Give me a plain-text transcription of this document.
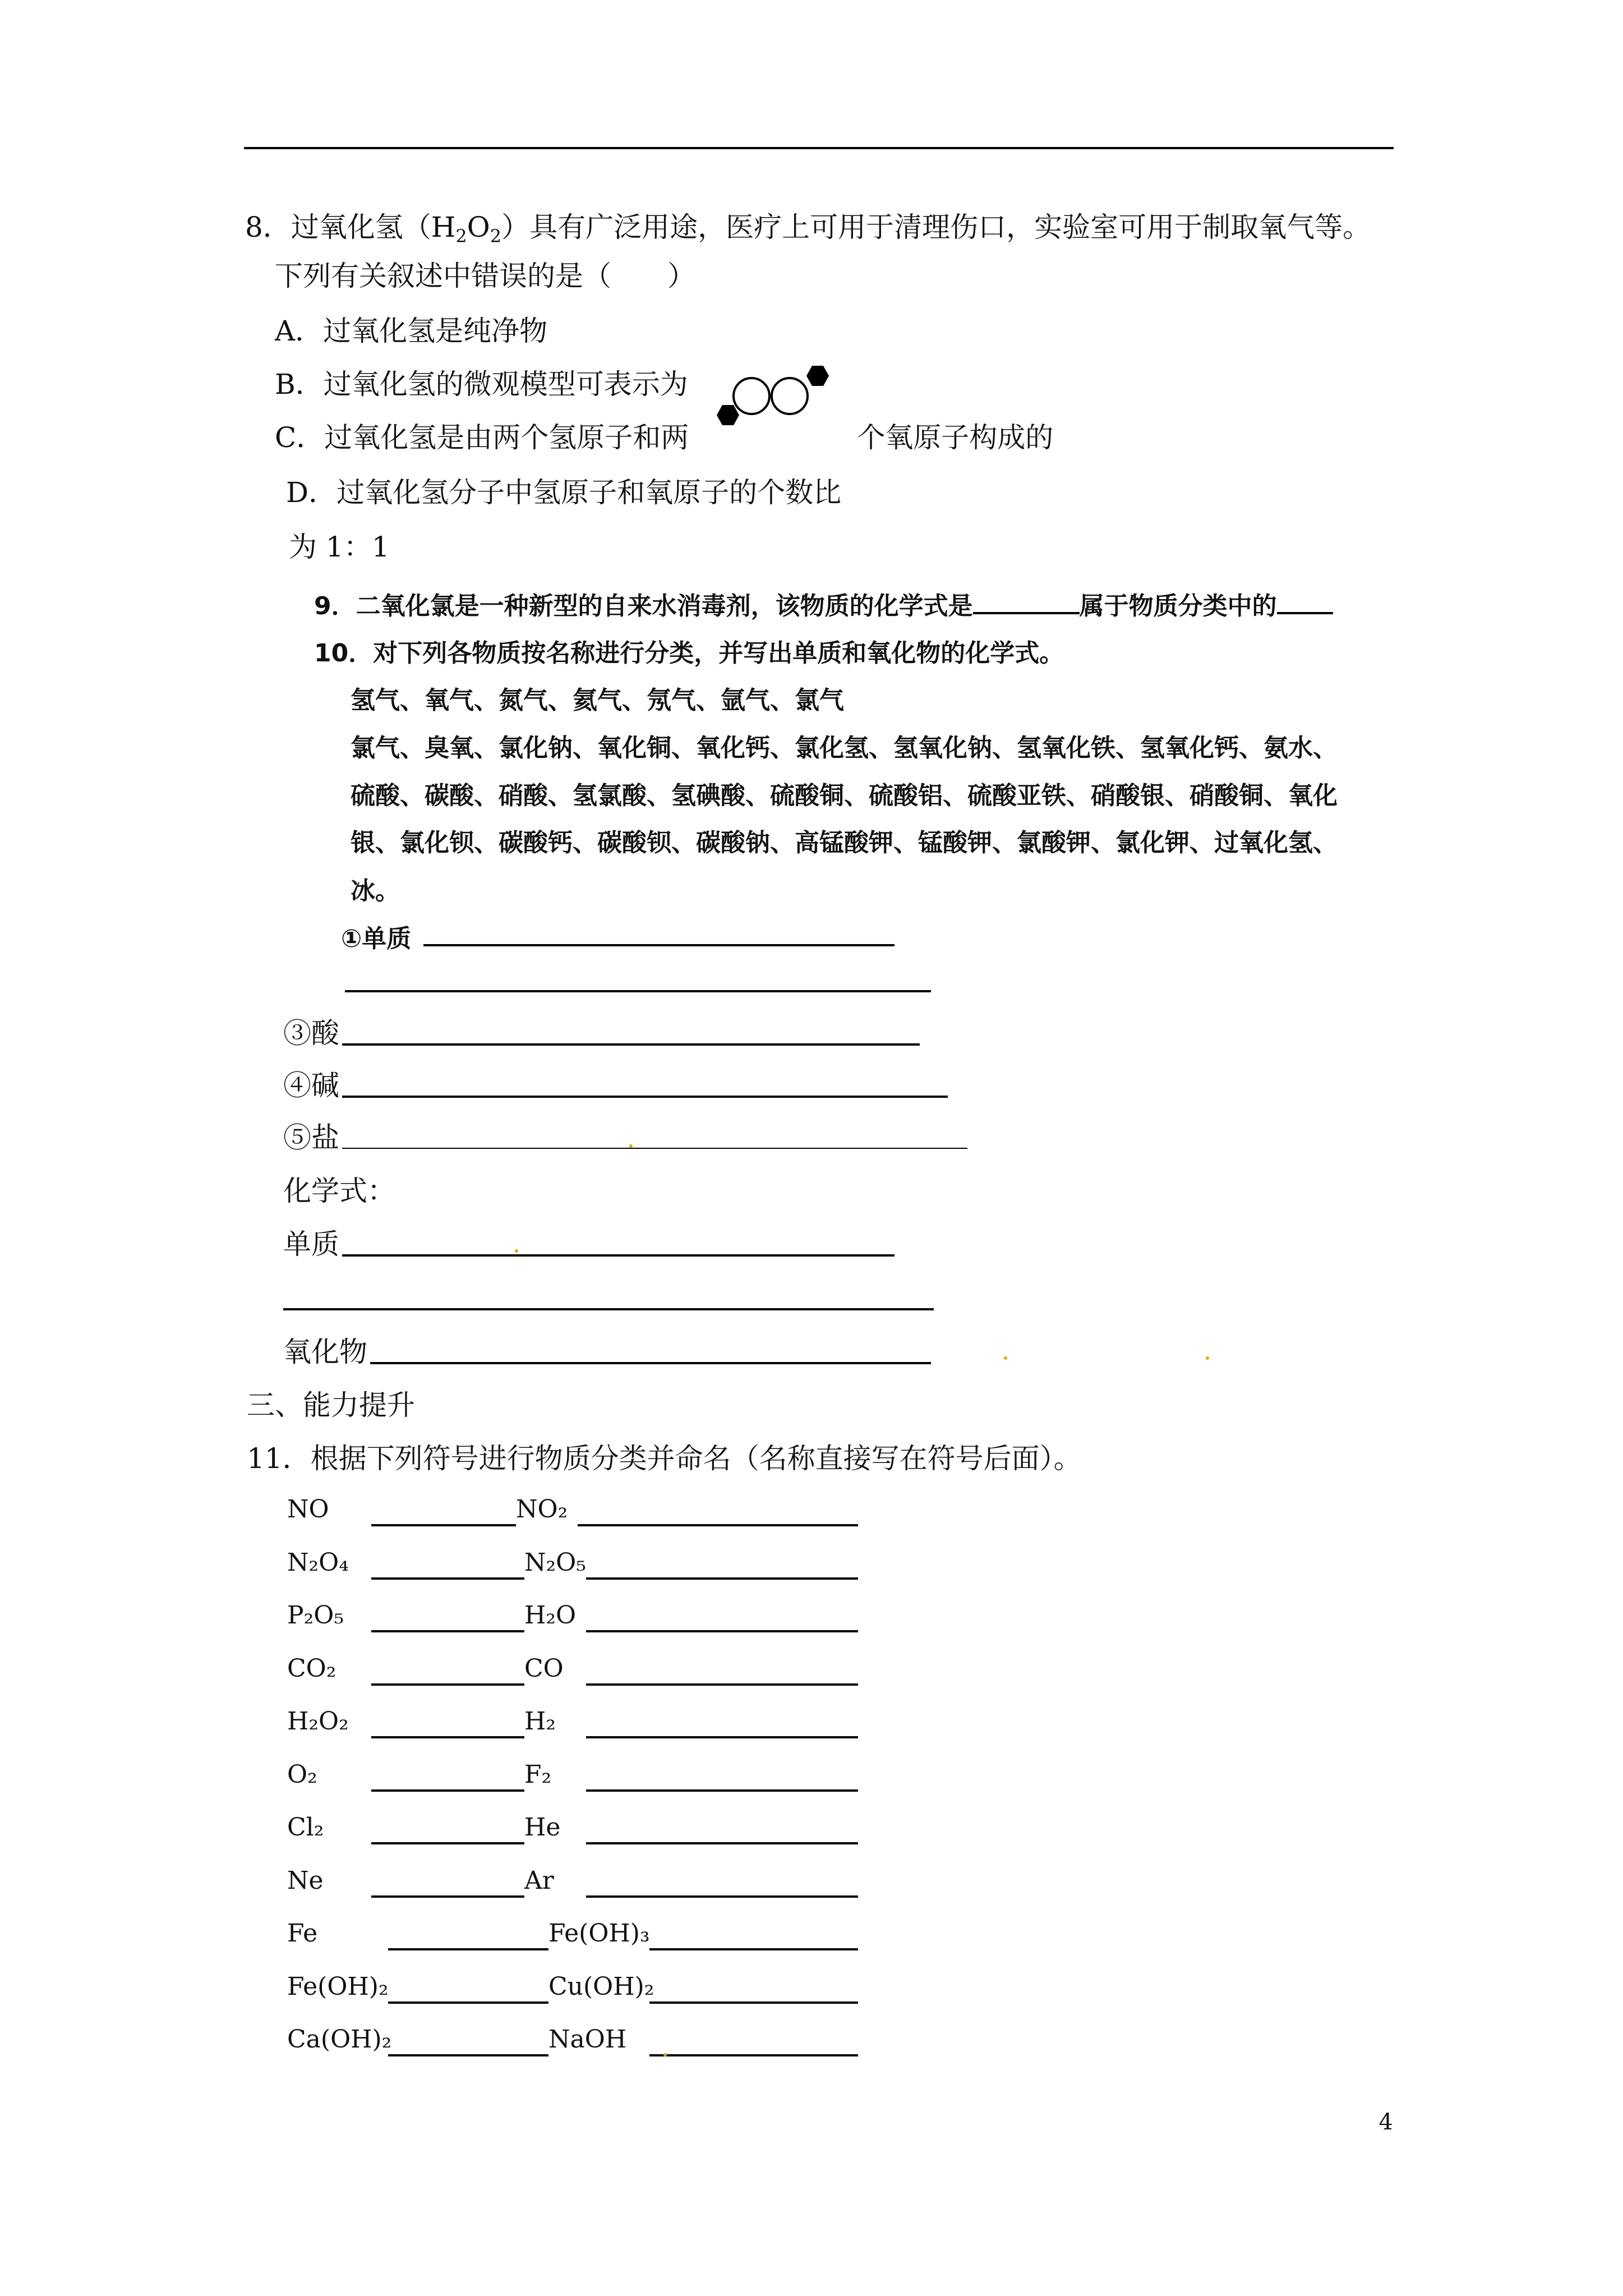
8．过氧化氢$(H_2O_2)$具有广泛用途，医疗上可用于清理伤口，实验室可用于制取氧气等。
下列有关叙述中错误的是（　　）
A．过氧化氢是纯净物
B．过氧化氢的微观模型可表示为
C．过氧化氢是由两个氢原子和两	个氧原子构成的
D．过氧化氢分子中氢原子和氧原子的个数比
为 1：1
9．二氧化氯是一种新型的自来水消毒剂，该物质的化学式是	属于物质分类中的
10．对下列各物质按名称进行分类，并写出单质和氧化物的化学式。
氢气、氧气、氮气、氦气、氖气、氩气、氯气
氯气、臭氧、氯化钠、氧化铜、氧化钙、氯化氢、氢氧化钠、氢氧化铁、氢氧化钙、氨水、
硫酸、碳酸、硝酸、氢氯酸、氢碘酸、硫酸铜、硫酸铝、硫酸亚铁、硝酸银、硝酸铜、氧化
银、氯化钡、碳酸钙、碳酸钡、碳酸钠、高锰酸钾、锰酸钾、氯酸钾、氯化钾、过氧化氢、
冰。
①单质
③酸
④碱
⑤盐
化学式：
单质
氧化物
三、能力提升
11．根据下列符号进行物质分类并命名（名称直接写在符号后面）。
NO	NO₂
N₂O₄	N₂O₅
P₂O₅	H₂O
CO₂	CO
H₂O₂	H₂
O₂	F₂
Cl₂	He
Ne	Ar
Fe	Fe(OH)₃
Fe(OH)₂	Cu(OH)₂
Ca(OH)₂	NaOH
4
